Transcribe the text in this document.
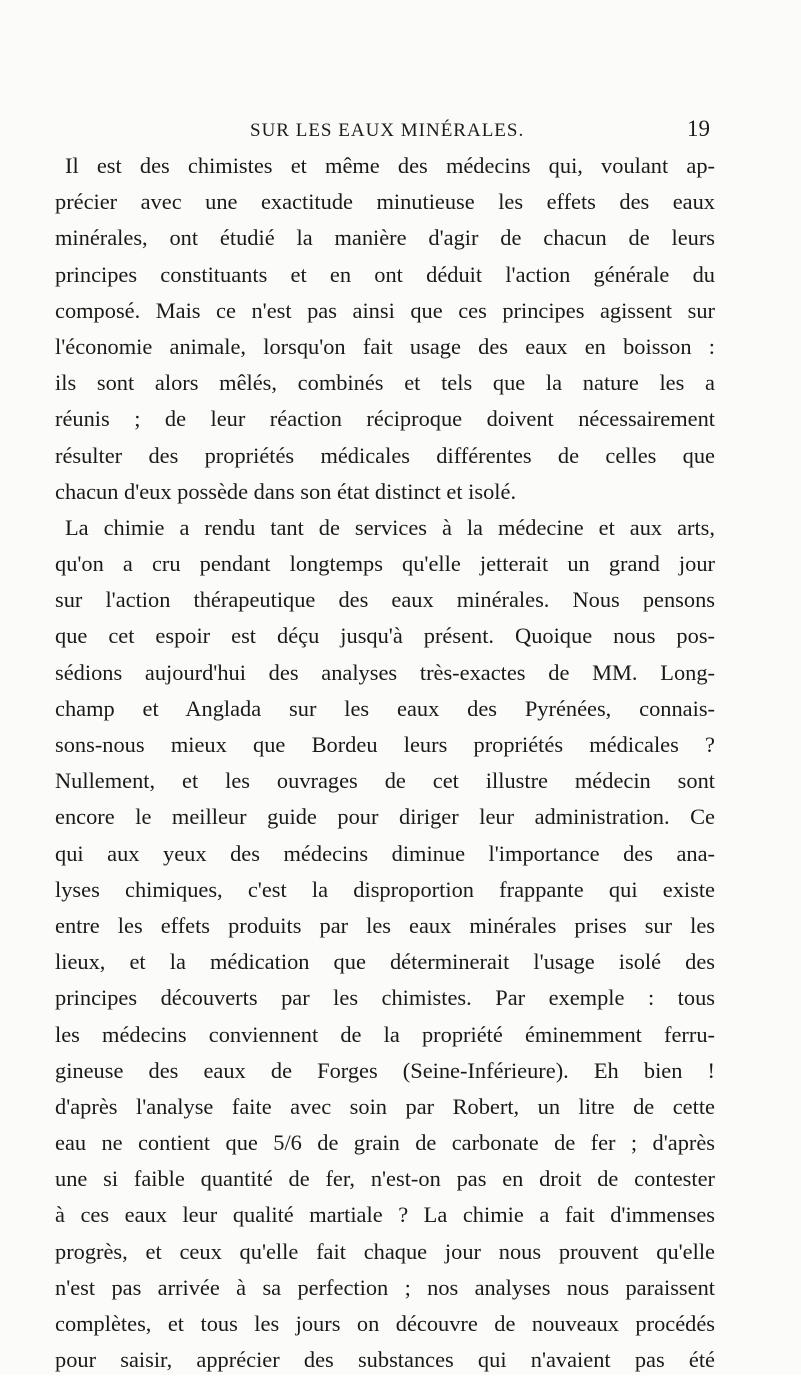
SUR LES EAUX MINÉRALES.	19
Il est des chimistes et même des médecins qui, voulant ap-
précier avec une exactitude minutieuse les effets des eaux
minérales, ont étudié la manière d'agir de chacun de leurs
principes constituants et en ont déduit l'action générale du
composé. Mais ce n'est pas ainsi que ces principes agissent sur
l'économie animale, lorsqu'on fait usage des eaux en boisson :
ils sont alors mêlés, combinés et tels que la nature les a
réunis ; de leur réaction réciproque doivent nécessairement
résulter des propriétés médicales différentes de celles que
chacun d'eux possède dans son état distinct et isolé.
La chimie a rendu tant de services à la médecine et aux arts,
qu'on a cru pendant longtemps qu'elle jetterait un grand jour
sur l'action thérapeutique des eaux minérales. Nous pensons
que cet espoir est déçu jusqu'à présent. Quoique nous pos-
sédions aujourd'hui des analyses très-exactes de MM. Long-
champ et Anglada sur les eaux des Pyrénées, connais-
sons-nous mieux que Bordeu leurs propriétés médicales ?
Nullement, et les ouvrages de cet illustre médecin sont
encore le meilleur guide pour diriger leur administration. Ce
qui aux yeux des médecins diminue l'importance des ana-
lyses chimiques, c'est la disproportion frappante qui existe
entre les effets produits par les eaux minérales prises sur les
lieux, et la médication que déterminerait l'usage isolé des
principes découverts par les chimistes. Par exemple : tous
les médecins conviennent de la propriété éminemment ferru-
gineuse des eaux de Forges (Seine-Inférieure). Eh bien !
d'après l'analyse faite avec soin par Robert, un litre de cette
eau ne contient que 5/6 de grain de carbonate de fer ; d'après
une si faible quantité de fer, n'est-on pas en droit de contester
à ces eaux leur qualité martiale ? La chimie a fait d'immenses
progrès, et ceux qu'elle fait chaque jour nous prouvent qu'elle
n'est pas arrivée à sa perfection ; nos analyses nous paraissent
complètes, et tous les jours on découvre de nouveaux procédés
pour saisir, apprécier des substances qui n'avaient pas été
